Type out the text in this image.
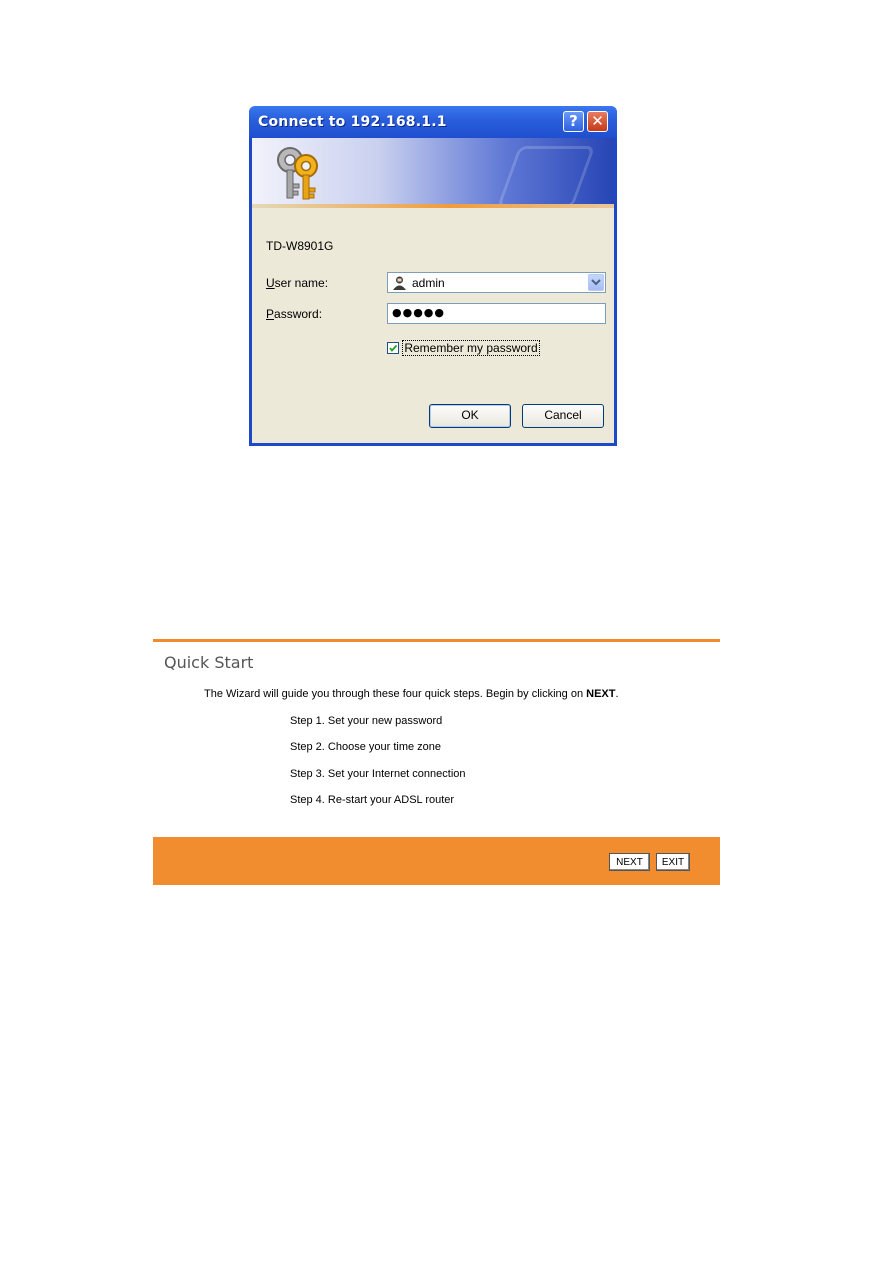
Connect to 192.168.1.1	? ✕
TD-W8901G
User name:	admin
Password:	●●●●●
Remember my password
OK	Cancel
Quick Start
The Wizard will guide you through these four quick steps. Begin by clicking on NEXT.
Step 1. Set your new password
Step 2. Choose your time zone
Step 3. Set your Internet connection
Step 4. Re-start your ADSL router
NEXT	EXIT
